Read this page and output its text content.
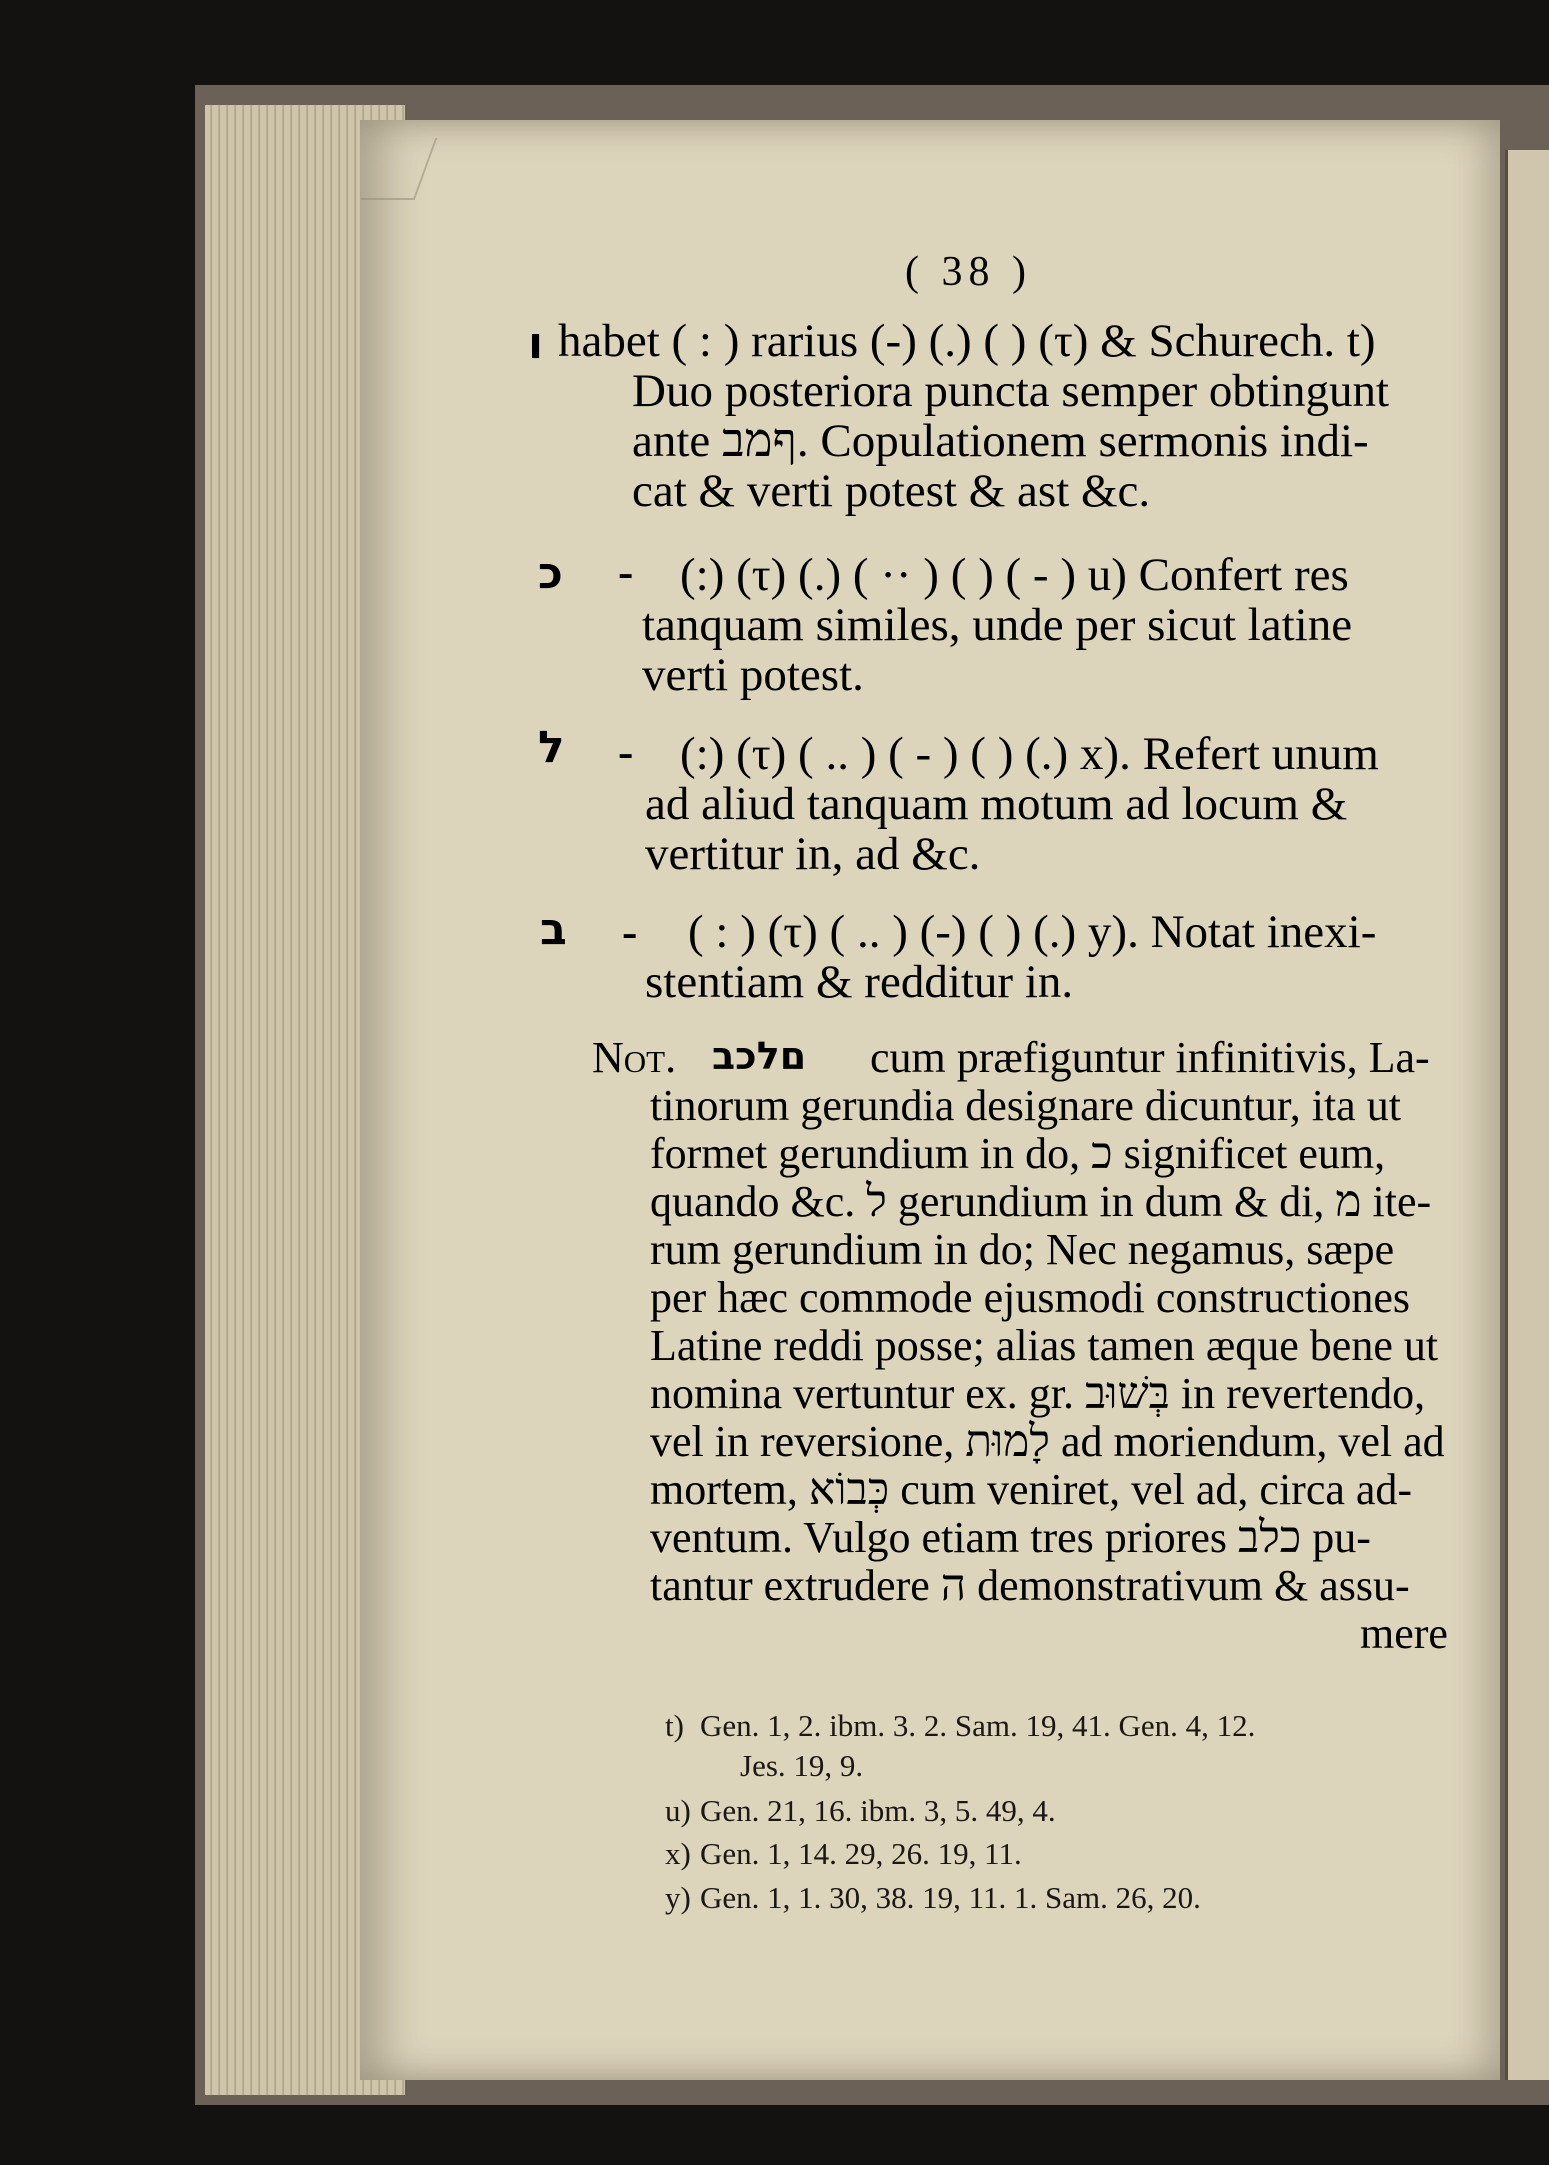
( 38 )
ו habet ( : ) rarius (-) (.) ( ) (τ) & Schurech. t)
Duo posteriora puncta semper obtingunt
ante ףמב. Copulationem sermonis indi-
cat & verti potest & ast &c.
כ - (:) (τ) (.) ( ·· ) ( ) ( - ) u) Confert res
tanquam similes, unde per sicut latine
verti potest.
ל - (:) (τ) ( .. ) ( - ) ( ) (.) x). Refert unum
ad aliud tanquam motum ad locum &
vertitur in, ad &c.
ב - ( : ) (τ) ( .. ) (-) ( ) (.) y). Notat inexi-
stentiam & redditur in.
Not. םלכב cum præfiguntur infinitivis, La-
tinorum gerundia designare dicuntur, ita ut
formet gerundium in do, כ significet eum,
quando &c. ל gerundium in dum & di, מ ite-
rum gerundium in do; Nec negamus, sæpe
per hæc commode ejusmodi constructiones
Latine reddi posse; alias tamen æque bene ut
nomina vertuntur ex. gr. בְּשׁוּב in revertendo,
vel in reversione, לָמוּת ad moriendum, vel ad
mortem, כְּבוֹא cum veniret, vel ad, circa ad-
ventum. Vulgo etiam tres priores כלב pu-
tantur extrudere ה demonstrativum & assu-
mere
t) Gen. 1, 2. ibm. 3. 2. Sam. 19, 41. Gen. 4, 12.
Jes. 19, 9.
u) Gen. 21, 16. ibm. 3, 5. 49, 4.
x) Gen. 1, 14. 29, 26. 19, 11.
y) Gen. 1, 1. 30, 38. 19, 11. 1. Sam. 26, 20.
